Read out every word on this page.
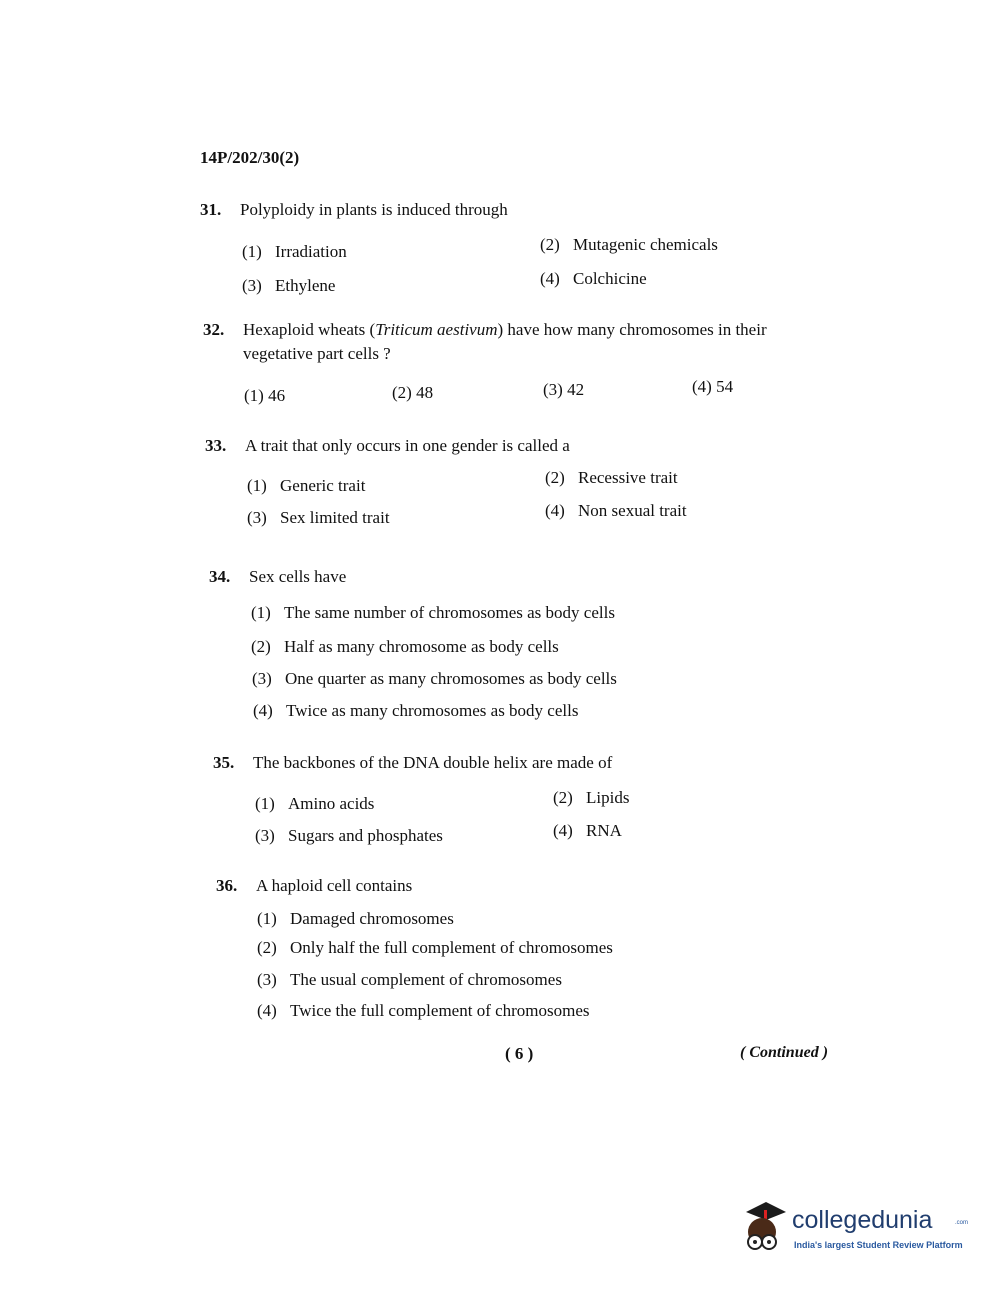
14P/202/30(2)
31. Polyploidy in plants is induced through
(1) Irradiation	(2) Mutagenic chemicals
(3) Ethylene	(4) Colchicine
32. Hexaploid wheats (Triticum aestivum) have how many chromosomes in their
vegetative part cells ?
(1) 46	(2) 48	(3) 42	(4) 54
33. A trait that only occurs in one gender is called a
(1) Generic trait	(2) Recessive trait
(3) Sex limited trait	(4) Non sexual trait
34. Sex cells have
(1) The same number of chromosomes as body cells
(2) Half as many chromosome as body cells
(3) One quarter as many chromosomes as body cells
(4) Twice as many chromosomes as body cells
35. The backbones of the DNA double helix are made of
(1) Amino acids	(2) Lipids
(3) Sugars and phosphates	(4) RNA
36. A haploid cell contains
(1) Damaged chromosomes
(2) Only half the full complement of chromosomes
(3) The usual complement of chromosomes
(4) Twice the full complement of chromosomes
( 6 )	( Continued )
collegedunia	.com
India's largest Student Review Platform
